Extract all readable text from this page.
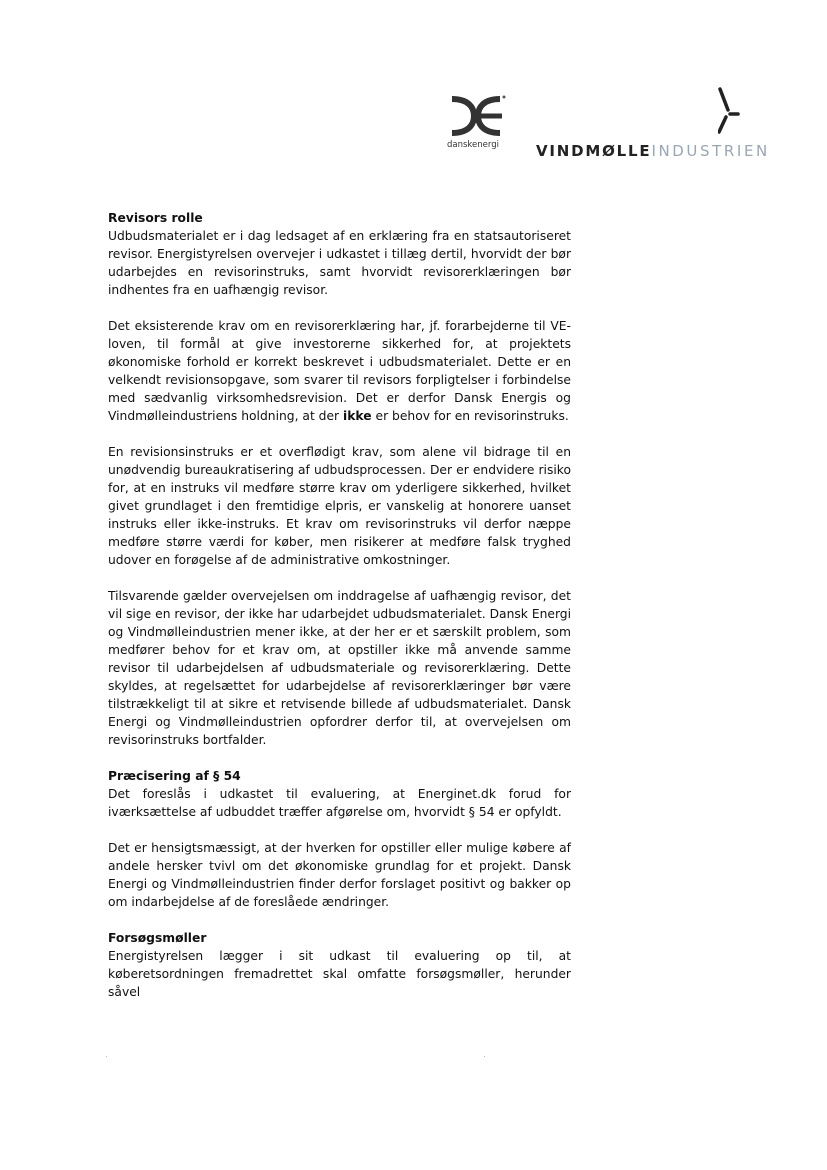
danskenergi VINDMØLLEINDUSTRIEN
Revisors rolle

Udbudsmaterialet er i dag ledsaget af en erklæring fra en statsautoriseret revisor. Energistyrelsen overvejer i udkastet i tillæg dertil, hvorvidt der bør udarbejdes en revisorinstruks, samt hvorvidt revisorerklæringen bør indhentes fra en uafhængig revisor.

Det eksisterende krav om en revisorerklæring har, jf. forarbejderne til VE-loven, til formål at give investorerne sikkerhed for, at projektets økonomiske forhold er korrekt beskrevet i udbudsmaterialet. Dette er en velkendt revisionsopgave, som svarer til revisors forpligtelser i forbindelse med sædvanlig virksomhedsrevision. Det er derfor Dansk Energis og Vindmølleindustriens holdning, at der ikke er behov for en revisorinstruks.

En revisionsinstruks er et overflødigt krav, som alene vil bidrage til en unødvendig bureaukratisering af udbudsprocessen. Der er endvidere risiko for, at en instruks vil medføre større krav om yderligere sikkerhed, hvilket givet grundlaget i den fremtidige elpris, er vanskelig at honorere uanset instruks eller ikke-instruks. Et krav om revisorinstruks vil derfor næppe medføre større værdi for køber, men risikerer at medføre falsk tryghed udover en forøgelse af de administrative omkostninger.

Tilsvarende gælder overvejelsen om inddragelse af uafhængig revisor, det vil sige en revisor, der ikke har udarbejdet udbudsmaterialet. Dansk Energi og Vindmølleindustrien mener ikke, at der her er et særskilt problem, som medfører behov for et krav om, at opstiller ikke må anvende samme revisor til udarbejdelsen af udbudsmateriale og revisorerklæring. Dette skyldes, at regelsættet for udarbejdelse af revisorerklæringer bør være tilstrækkeligt til at sikre et retvisende billede af udbudsmaterialet. Dansk Energi og Vindmølleindustrien opfordrer derfor til, at overvejelsen om revisorinstruks bortfalder.

Præcisering af § 54

Det foreslås i udkastet til evaluering, at Energinet.dk forud for iværksættelse af udbuddet træffer afgørelse om, hvorvidt § 54 er opfyldt.

Det er hensigtsmæssigt, at der hverken for opstiller eller mulige købere af andele hersker tvivl om det økonomiske grundlag for et projekt. Dansk Energi og Vindmølleindustrien finder derfor forslaget positivt og bakker op om indarbejdelse af de foreslåede ændringer.

Forsøgsmøller

Energistyrelsen lægger i sit udkast til evaluering op til, at køberetsordningen fremadrettet skal omfatte forsøgsmøller, herunder såvel
